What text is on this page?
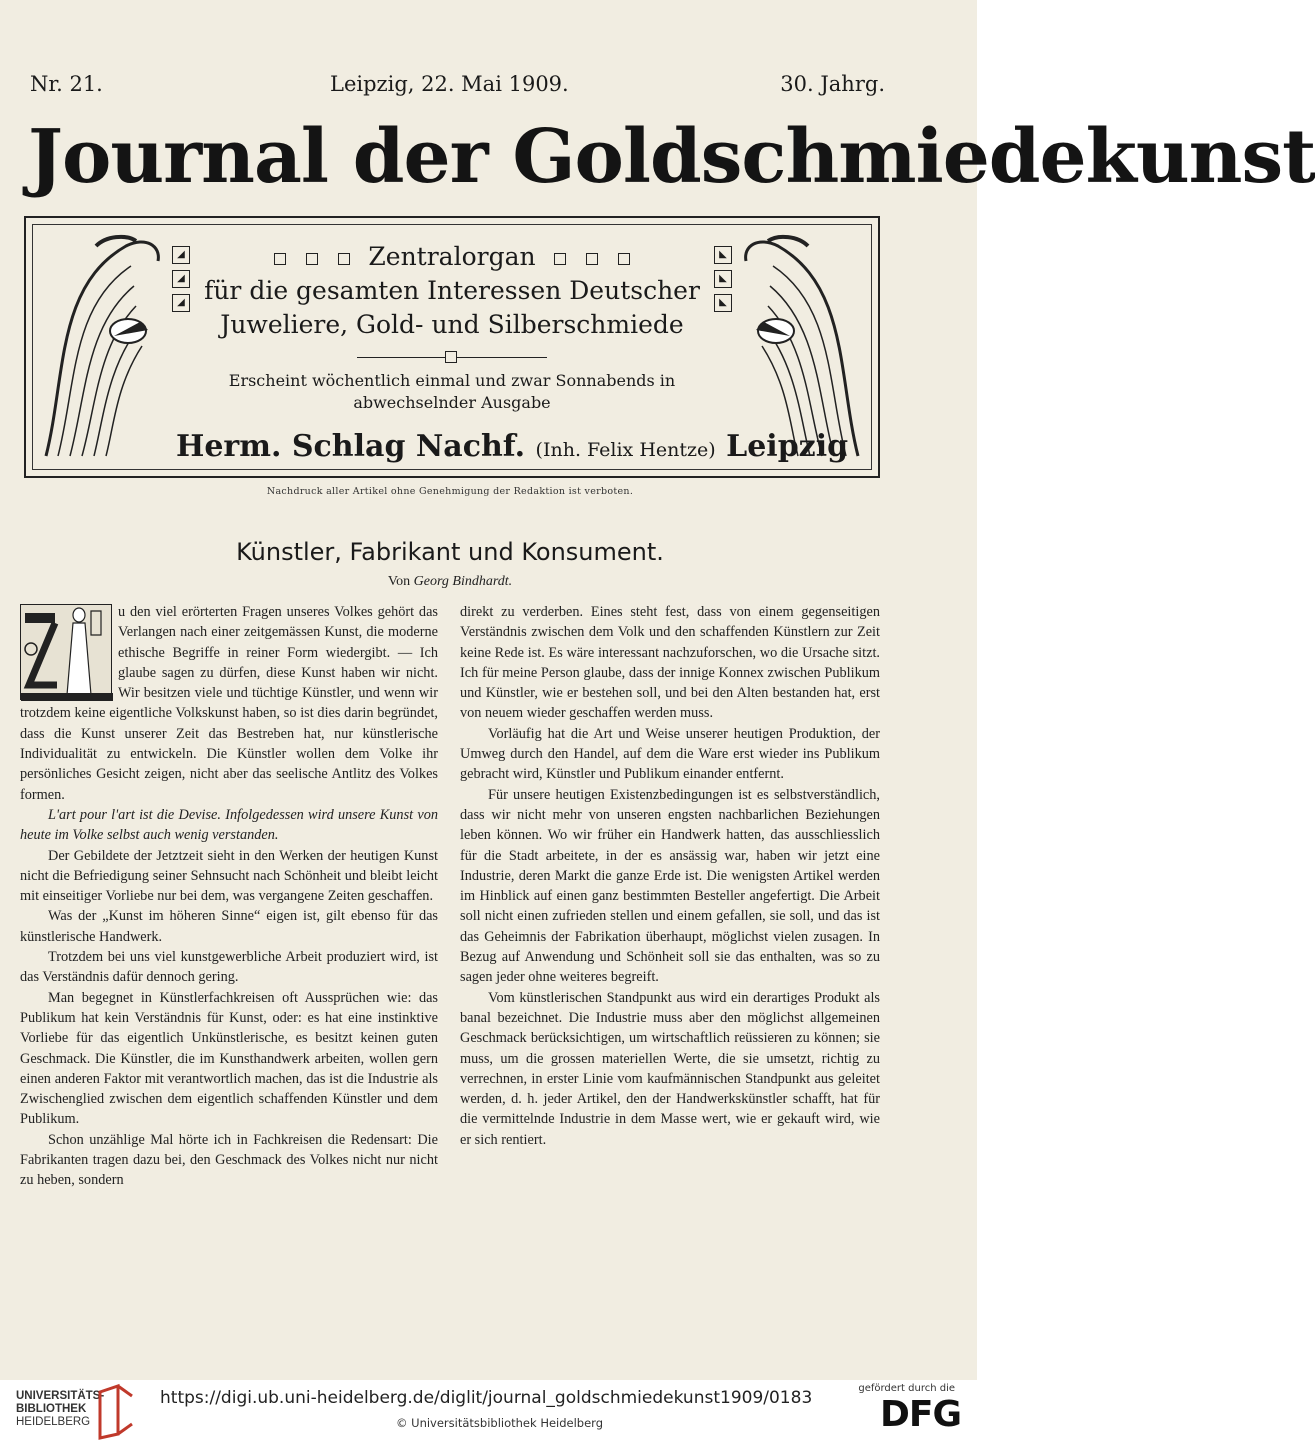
Nr. 21.	Leipzig, 22. Mai 1909.	30. Jahrg.
Journal der Goldschmiedekunst
◢
◢
◢
◣
◣
◣
Zentralorgan
für die gesamten Interessen Deutscher
Juweliere, Gold- und Silberschmiede
Erscheint wöchentlich einmal und zwar Sonnabends in abwechselnder Ausgabe
Herm. Schlag Nachf. (Inh. Felix Hentze) Leipzig
Nachdruck aller Artikel ohne Genehmigung der Redaktion ist verboten.
Künstler, Fabrikant und Konsument.
Von Georg Bindhardt.

u den viel erörterten Fragen unseres Volkes gehört das Verlangen nach einer zeitgemässen Kunst, die moderne ethische Begriffe in reiner Form wiedergibt. — Ich glaube sagen zu dürfen, diese Kunst haben wir nicht. Wir besitzen viele und tüchtige Künstler, und wenn wir trotzdem keine eigentliche Volkskunst haben, so ist dies darin begründet, dass die Kunst unserer Zeit das Bestreben hat, nur künstlerische Individualität zu entwickeln. Die Künstler wollen dem Volke ihr persönliches Gesicht zeigen, nicht aber das seelische Antlitz des Volkes formen.

L'art pour l'art ist die Devise. Infolgedessen wird unsere Kunst von heute im Volke selbst auch wenig verstanden.

Der Gebildete der Jetztzeit sieht in den Werken der heutigen Kunst nicht die Befriedigung seiner Sehnsucht nach Schönheit und bleibt leicht mit einseitiger Vorliebe nur bei dem, was vergangene Zeiten geschaffen.

Was der „Kunst im höheren Sinne“ eigen ist, gilt ebenso für das künstlerische Handwerk.

Trotzdem bei uns viel kunstgewerbliche Arbeit produziert wird, ist das Verständnis dafür dennoch gering.

Man begegnet in Künstlerfachkreisen oft Aussprüchen wie: das Publikum hat kein Verständnis für Kunst, oder: es hat eine instinktive Vorliebe für das eigentlich Unkünstlerische, es besitzt keinen guten Geschmack. Die Künstler, die im Kunsthandwerk arbeiten, wollen gern einen anderen Faktor mit verantwortlich machen, das ist die Industrie als Zwischenglied zwischen dem eigentlich schaffenden Künstler und dem Publikum.

Schon unzählige Mal hörte ich in Fachkreisen die Redensart: Die Fabrikanten tragen dazu bei, den Geschmack des Volkes nicht nur nicht zu heben, sondern

direkt zu verderben. Eines steht fest, dass von einem gegenseitigen Verständnis zwischen dem Volk und den schaffenden Künstlern zur Zeit keine Rede ist. Es wäre interessant nachzuforschen, wo die Ursache sitzt. Ich für meine Person glaube, dass der innige Konnex zwischen Publikum und Künstler, wie er bestehen soll, und bei den Alten bestanden hat, erst von neuem wieder geschaffen werden muss.

Vorläufig hat die Art und Weise unserer heutigen Produktion, der Umweg durch den Handel, auf dem die Ware erst wieder ins Publikum gebracht wird, Künstler und Publikum einander entfernt.

Für unsere heutigen Existenzbedingungen ist es selbstverständlich, dass wir nicht mehr von unseren engsten nachbarlichen Beziehungen leben können. Wo wir früher ein Handwerk hatten, das ausschliesslich für die Stadt arbeitete, in der es ansässig war, haben wir jetzt eine Industrie, deren Markt die ganze Erde ist. Die wenigsten Artikel werden im Hinblick auf einen ganz bestimmten Besteller angefertigt. Die Arbeit soll nicht einen zufrieden stellen und einem gefallen, sie soll, und das ist das Geheimnis der Fabrikation überhaupt, möglichst vielen zusagen. In Bezug auf Anwendung und Schönheit soll sie das enthalten, was so zu sagen jeder ohne weiteres begreift.

Vom künstlerischen Standpunkt aus wird ein derartiges Produkt als banal bezeichnet. Die Industrie muss aber den möglichst allgemeinen Geschmack berücksichtigen, um wirtschaftlich reüssieren zu können; sie muss, um die grossen materiellen Werte, die sie umsetzt, richtig zu verrechnen, in erster Linie vom kaufmännischen Standpunkt aus geleitet werden, d. h. jeder Artikel, den der Handwerkskünstler schafft, hat für die vermittelnde Industrie in dem Masse wert, wie er gekauft wird, wie er sich rentiert.

UNIVERSITÄTS-
BIBLIOTHEK
HEIDELBERG
https://digi.ub.uni-heidelberg.de/diglit/journal_goldschmiedekunst1909/0183
© Universitätsbibliothek Heidelberg
gefördert durch die
DFG
